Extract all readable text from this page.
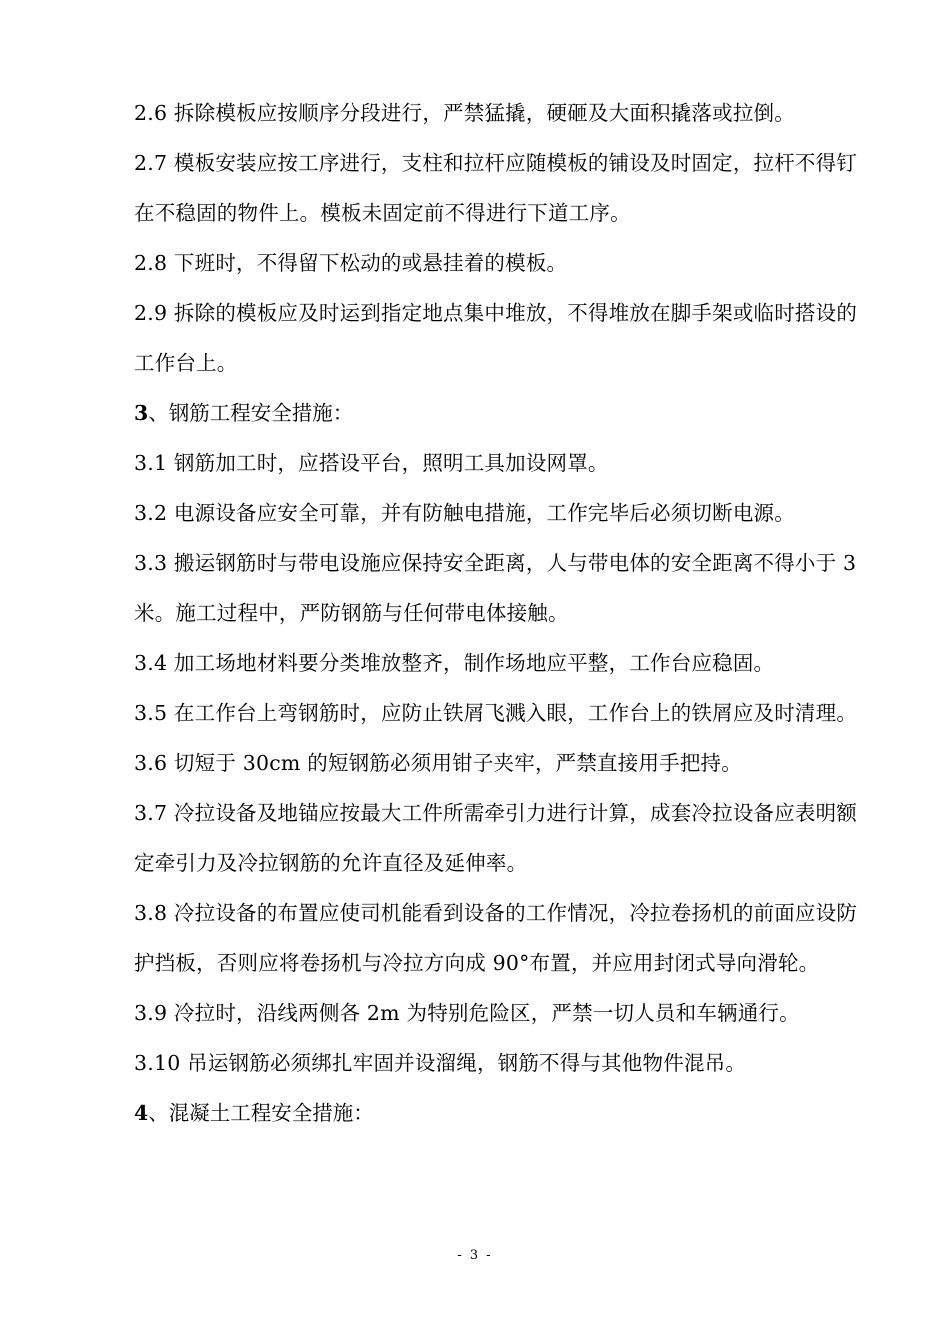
2.6 拆除模板应按顺序分段进行，严禁猛撬，硬砸及大面积撬落或拉倒。

2.7 模板安装应按工序进行，支柱和拉杆应随模板的铺设及时固定，拉杆不得钉在不稳固的物件上。模板未固定前不得进行下道工序。

2.8 下班时，不得留下松动的或悬挂着的模板。

2.9 拆除的模板应及时运到指定地点集中堆放，不得堆放在脚手架或临时搭设的工作台上。

3、钢筋工程安全措施：

3.1 钢筋加工时，应搭设平台，照明工具加设网罩。

3.2 电源设备应安全可靠，并有防触电措施，工作完毕后必须切断电源。

3.3 搬运钢筋时与带电设施应保持安全距离，人与带电体的安全距离不得小于 3 米。施工过程中，严防钢筋与任何带电体接触。

3.4 加工场地材料要分类堆放整齐，制作场地应平整，工作台应稳固。

3.5 在工作台上弯钢筋时，应防止铁屑飞溅入眼，工作台上的铁屑应及时清理。

3.6 切短于 30cm 的短钢筋必须用钳子夹牢，严禁直接用手把持。

3.7 冷拉设备及地锚应按最大工件所需牵引力进行计算，成套冷拉设备应表明额定牵引力及冷拉钢筋的允许直径及延伸率。

3.8 冷拉设备的布置应使司机能看到设备的工作情况，冷拉卷扬机的前面应设防护挡板，否则应将卷扬机与冷拉方向成 90°布置，并应用封闭式导向滑轮。

3.9 冷拉时，沿线两侧各 2m 为特别危险区，严禁一切人员和车辆通行。

3.10 吊运钢筋必须绑扎牢固并设溜绳，钢筋不得与其他物件混吊。

4、混凝土工程安全措施：

- 3 -
